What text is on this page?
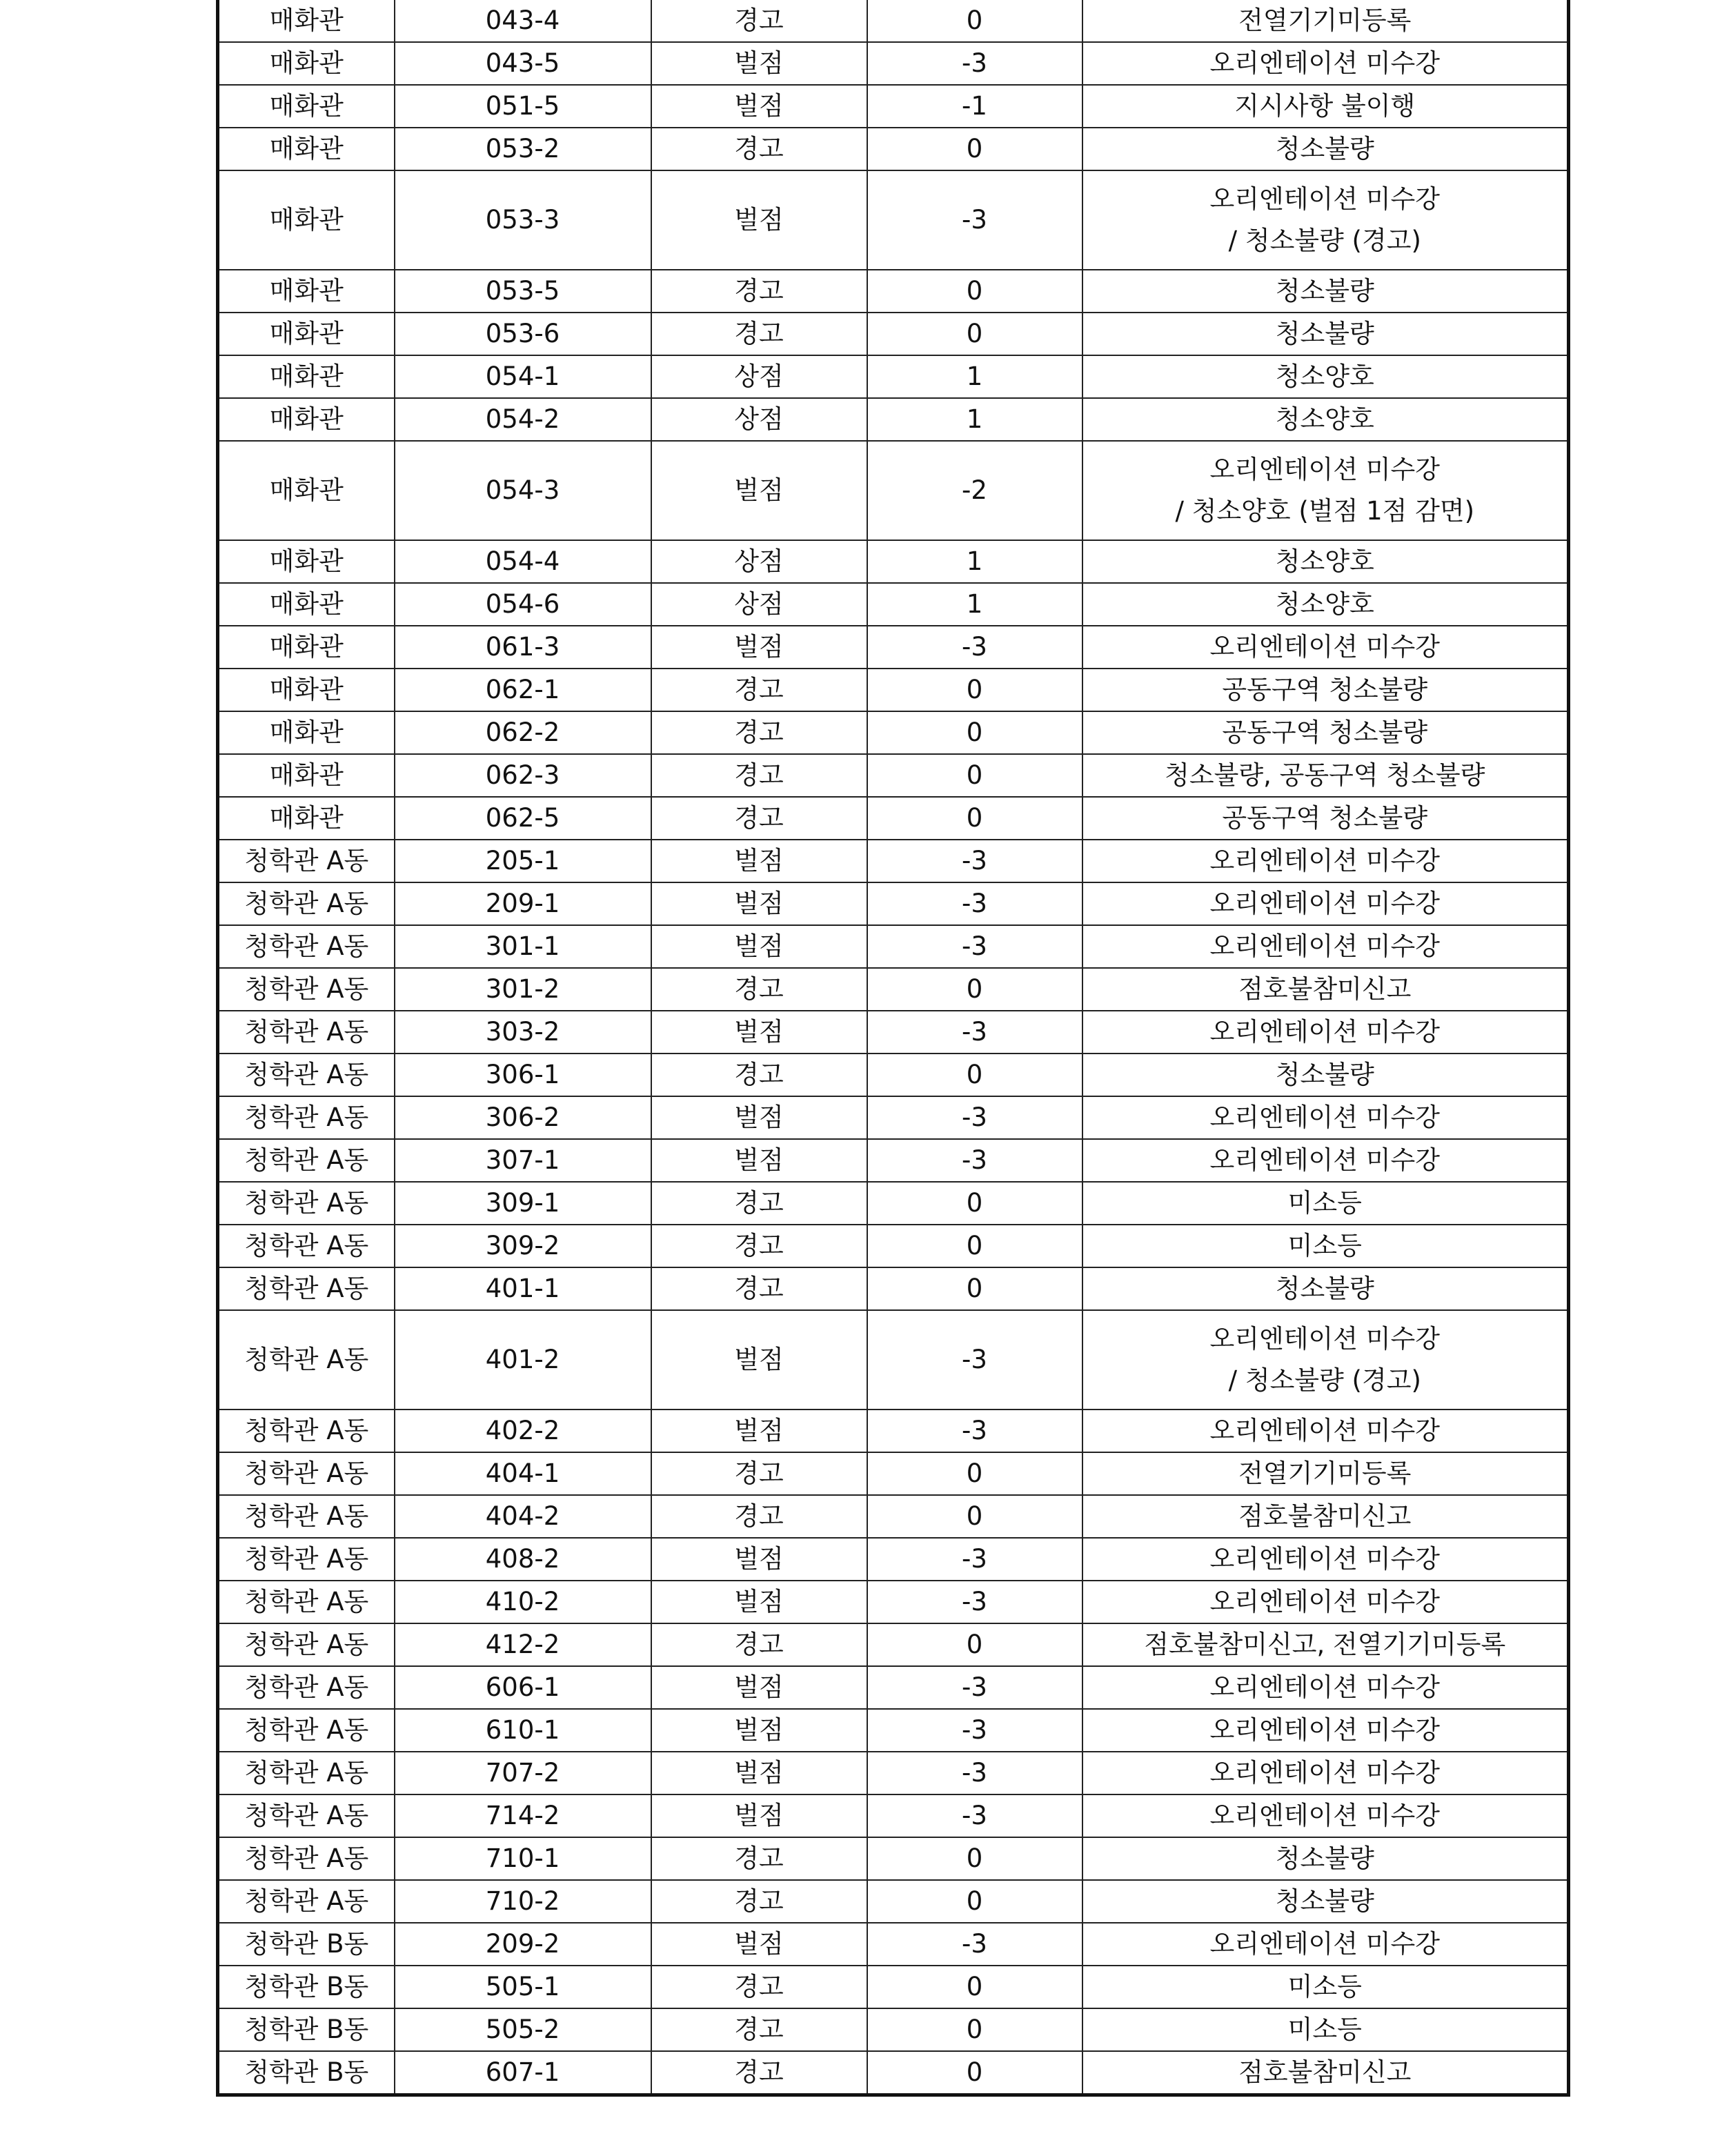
매화관	043-4	경고	0	전열기기미등록

매화관	043-5	벌점	-3	오리엔테이션 미수강

매화관	051-5	벌점	-1	지시사항 불이행

매화관	053-2	경고	0	청소불량

매화관	053-3	벌점	-3	오리엔테이션 미수강
/ 청소불량 (경고)

매화관	053-5	경고	0	청소불량

매화관	053-6	경고	0	청소불량

매화관	054-1	상점	1	청소양호

매화관	054-2	상점	1	청소양호

매화관	054-3	벌점	-2	오리엔테이션 미수강
/ 청소양호 (벌점 1점 감면)

매화관	054-4	상점	1	청소양호

매화관	054-6	상점	1	청소양호

매화관	061-3	벌점	-3	오리엔테이션 미수강

매화관	062-1	경고	0	공동구역 청소불량

매화관	062-2	경고	0	공동구역 청소불량

매화관	062-3	경고	0	청소불량, 공동구역 청소불량

매화관	062-5	경고	0	공동구역 청소불량

청학관 A동	205-1	벌점	-3	오리엔테이션 미수강

청학관 A동	209-1	벌점	-3	오리엔테이션 미수강

청학관 A동	301-1	벌점	-3	오리엔테이션 미수강

청학관 A동	301-2	경고	0	점호불참미신고

청학관 A동	303-2	벌점	-3	오리엔테이션 미수강

청학관 A동	306-1	경고	0	청소불량

청학관 A동	306-2	벌점	-3	오리엔테이션 미수강

청학관 A동	307-1	벌점	-3	오리엔테이션 미수강

청학관 A동	309-1	경고	0	미소등

청학관 A동	309-2	경고	0	미소등

청학관 A동	401-1	경고	0	청소불량

청학관 A동	401-2	벌점	-3	오리엔테이션 미수강
/ 청소불량 (경고)

청학관 A동	402-2	벌점	-3	오리엔테이션 미수강

청학관 A동	404-1	경고	0	전열기기미등록

청학관 A동	404-2	경고	0	점호불참미신고

청학관 A동	408-2	벌점	-3	오리엔테이션 미수강

청학관 A동	410-2	벌점	-3	오리엔테이션 미수강

청학관 A동	412-2	경고	0	점호불참미신고, 전열기기미등록

청학관 A동	606-1	벌점	-3	오리엔테이션 미수강

청학관 A동	610-1	벌점	-3	오리엔테이션 미수강

청학관 A동	707-2	벌점	-3	오리엔테이션 미수강

청학관 A동	714-2	벌점	-3	오리엔테이션 미수강

청학관 A동	710-1	경고	0	청소불량

청학관 A동	710-2	경고	0	청소불량

청학관 B동	209-2	벌점	-3	오리엔테이션 미수강

청학관 B동	505-1	경고	0	미소등

청학관 B동	505-2	경고	0	미소등

청학관 B동	607-1	경고	0	점호불참미신고
